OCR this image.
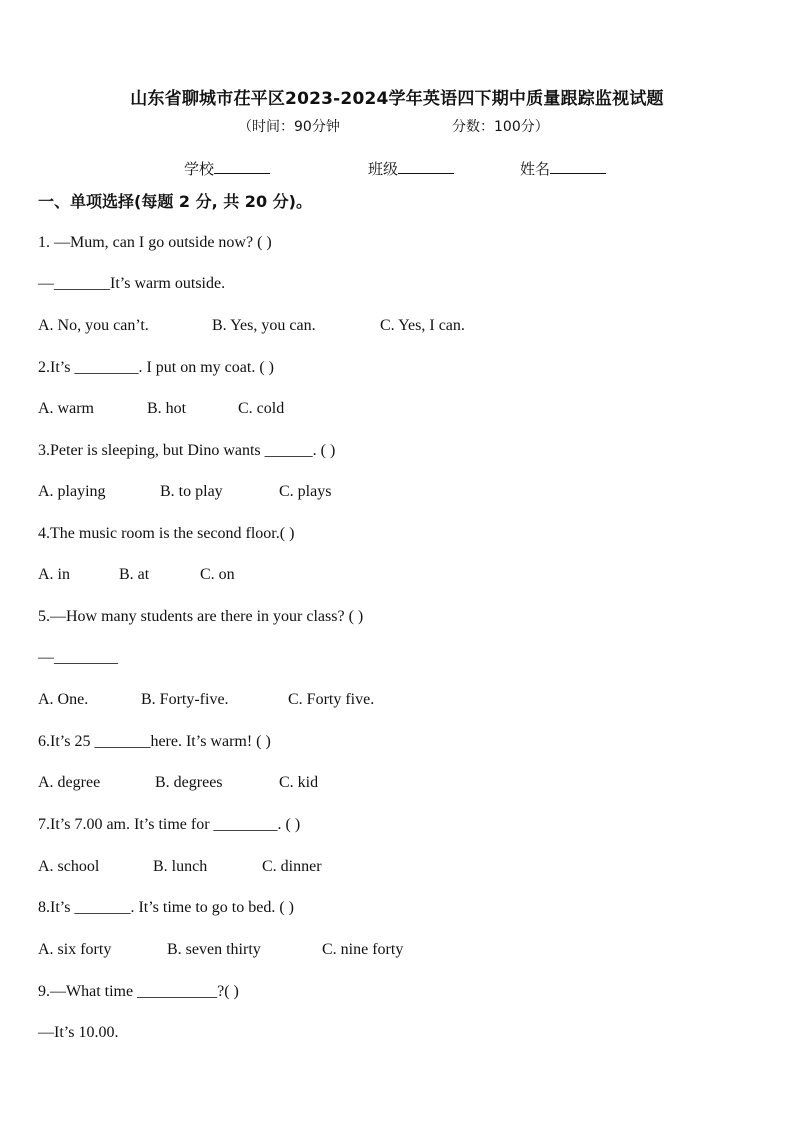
山东省聊城市茌平区2023-2024学年英语四下期中质量跟踪监视试题
（时间：90分钟	分数：100分）
学校	班级	姓名
一、单项选择(每题 2 分, 共 20 分)。
1. —Mum, can I go outside now? ( )
—_______It’s warm outside.
A. No, you can’t.	B. Yes, you can.	C. Yes, I can.
2.It’s ________. I put on my coat. ( )
A. warm	B. hot	C. cold
3.Peter is sleeping, but Dino wants ______. ( )
A. playing	B. to play	C. plays
4.The music room is the second floor.( )
A. in	B. at	C. on
5.—How many students are there in your class? ( )
—________
A. One.	B. Forty-five.	C. Forty five.
6.It’s 25 _______here. It’s warm! ( )
A. degree	B. degrees	C. kid
7.It’s 7.00 am. It’s time for ________. ( )
A. school	B. lunch	C. dinner
8.It’s _______. It’s time to go to bed. ( )
A. six forty	B. seven thirty	C. nine forty
9.—What time __________?( )
—It’s 10.00.
